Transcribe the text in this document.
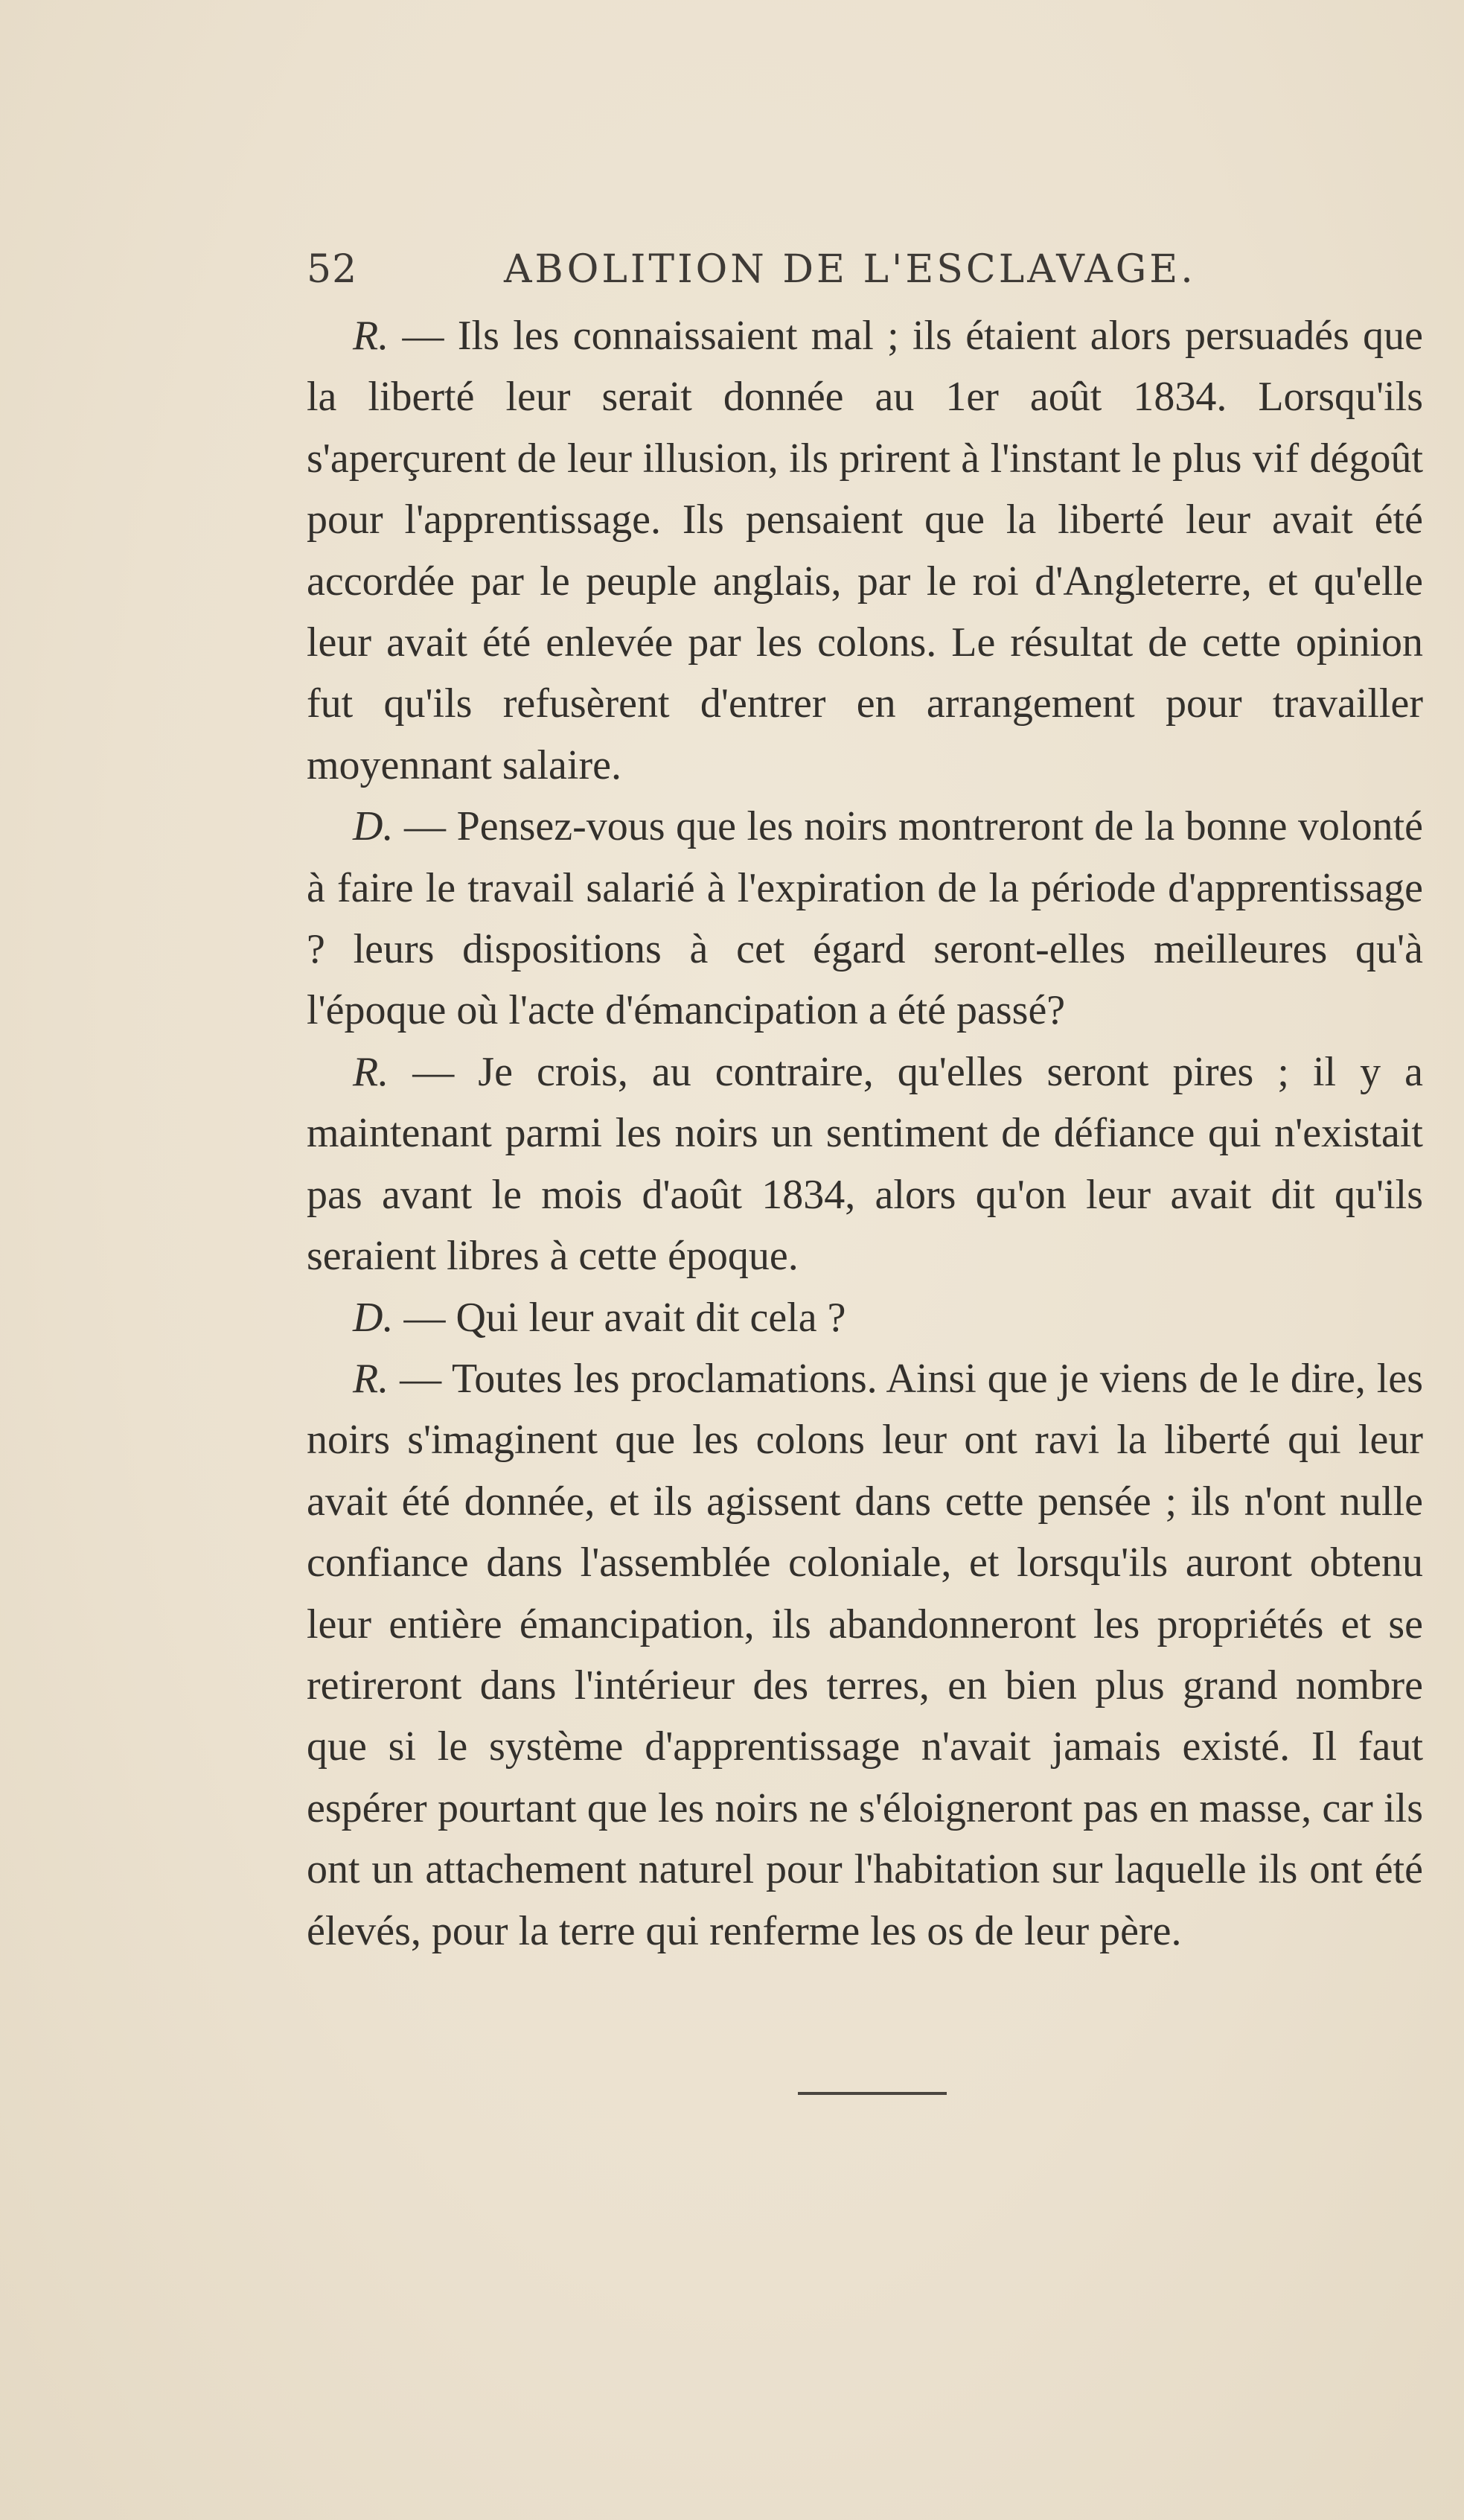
52	ABOLITION DE L'ESCLAVAGE.

R. — Ils les connaissaient mal ; ils étaient alors persuadés que la liberté leur serait donnée au 1er août 1834. Lorsqu'ils s'aperçurent de leur illusion, ils prirent à l'instant le plus vif dégoût pour l'apprentissage. Ils pensaient que la liberté leur avait été accordée par le peuple anglais, par le roi d'Angleterre, et qu'elle leur avait été enlevée par les colons. Le résultat de cette opinion fut qu'ils refusèrent d'entrer en arrangement pour travailler moyennant salaire.

D. — Pensez-vous que les noirs montreront de la bonne volonté à faire le travail salarié à l'expiration de la période d'apprentissage ? leurs dispositions à cet égard seront-elles meilleures qu'à l'époque où l'acte d'émancipation a été passé?

R. — Je crois, au contraire, qu'elles seront pires ; il y a maintenant parmi les noirs un sentiment de défiance qui n'existait pas avant le mois d'août 1834, alors qu'on leur avait dit qu'ils seraient libres à cette époque.

D. — Qui leur avait dit cela ?

R. — Toutes les proclamations. Ainsi que je viens de le dire, les noirs s'imaginent que les colons leur ont ravi la liberté qui leur avait été donnée, et ils agissent dans cette pensée ; ils n'ont nulle confiance dans l'assemblée coloniale, et lorsqu'ils auront obtenu leur entière émancipation, ils abandonneront les propriétés et se retireront dans l'intérieur des terres, en bien plus grand nombre que si le système d'apprentissage n'avait jamais existé. Il faut espérer pourtant que les noirs ne s'éloigneront pas en masse, car ils ont un attachement naturel pour l'habitation sur laquelle ils ont été élevés, pour la terre qui renferme les os de leur père.
